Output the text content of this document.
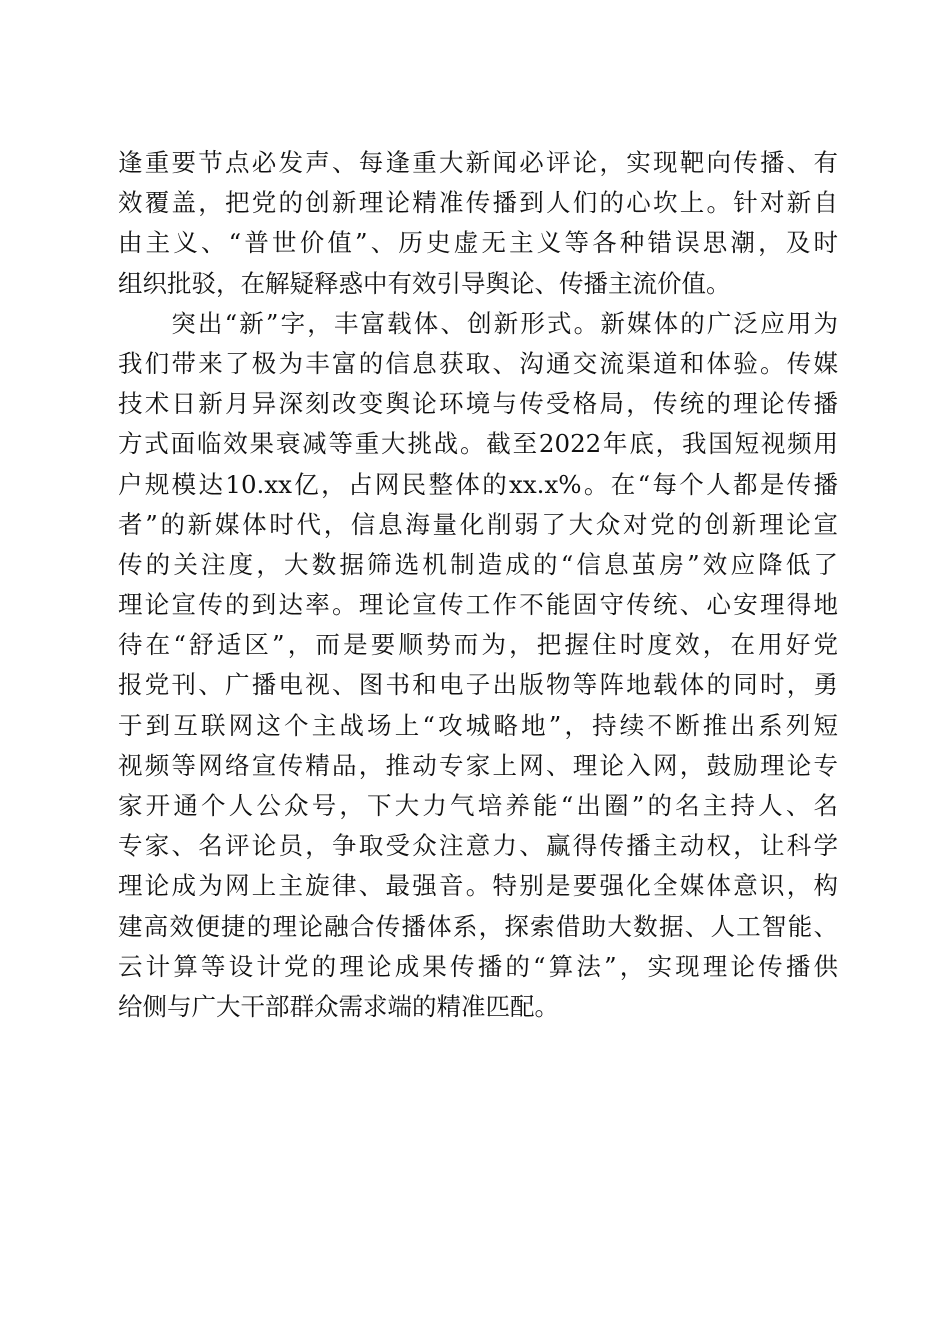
逢重要节点必发声、每逢重大新闻必评论，实现靶向传播、有
效覆盖，把党的创新理论精准传播到人们的心坎上。针对新自
由主义、“普世价值”、历史虚无主义等各种错误思潮，及时
组织批驳，在解疑释惑中有效引导舆论、传播主流价值。
　　突出“新”字，丰富载体、创新形式。新媒体的广泛应用为
我们带来了极为丰富的信息获取、沟通交流渠道和体验。传媒
技术日新月异深刻改变舆论环境与传受格局，传统的理论传播
方式面临效果衰减等重大挑战。截至2022年底，我国短视频用
户规模达10.xx亿，占网民整体的xx.x%。在“每个人都是传播
者”的新媒体时代，信息海量化削弱了大众对党的创新理论宣
传的关注度，大数据筛选机制造成的“信息茧房”效应降低了
理论宣传的到达率。理论宣传工作不能固守传统、心安理得地
待在“舒适区”，而是要顺势而为，把握住时度效，在用好党
报党刊、广播电视、图书和电子出版物等阵地载体的同时，勇
于到互联网这个主战场上“攻城略地”，持续不断推出系列短
视频等网络宣传精品，推动专家上网、理论入网，鼓励理论专
家开通个人公众号，下大力气培养能“出圈”的名主持人、名
专家、名评论员，争取受众注意力、赢得传播主动权，让科学
理论成为网上主旋律、最强音。特别是要强化全媒体意识，构
建高效便捷的理论融合传播体系，探索借助大数据、人工智能、
云计算等设计党的理论成果传播的“算法”，实现理论传播供
给侧与广大干部群众需求端的精准匹配。
